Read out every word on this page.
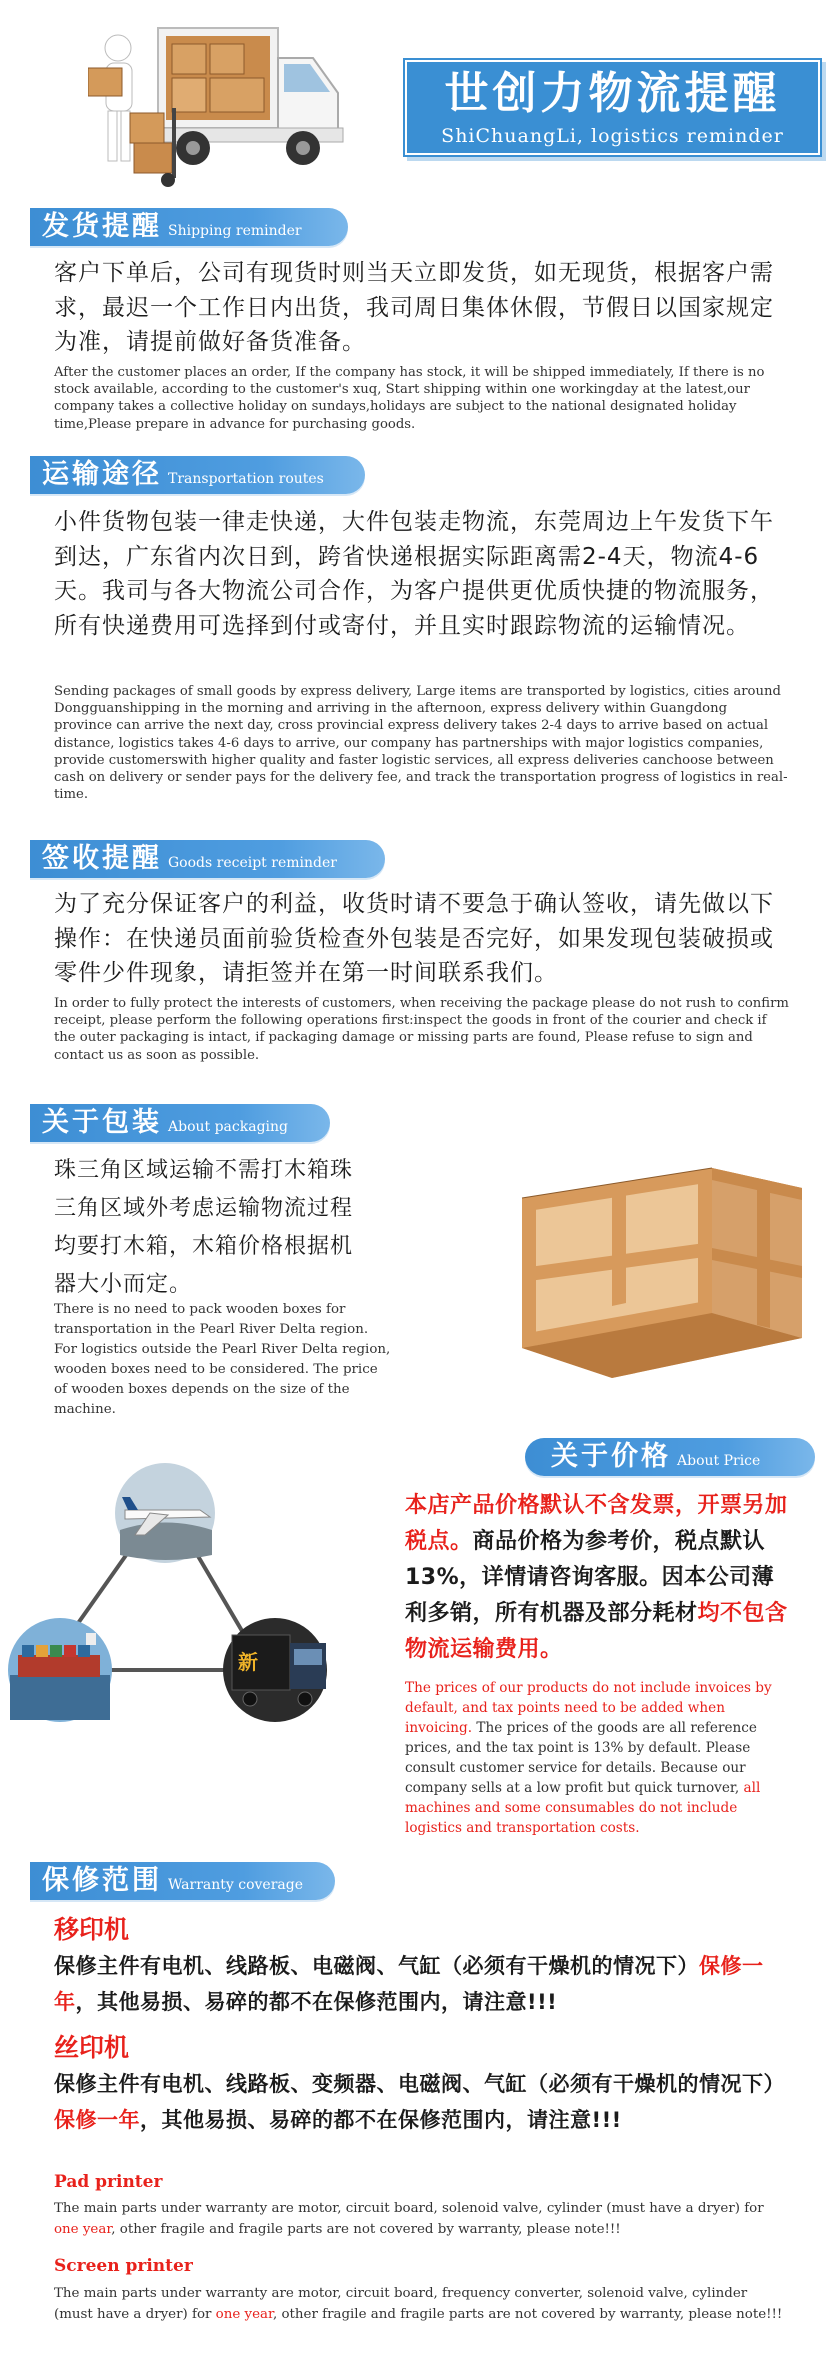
世创力物流提醒
ShiChuangLi, logistics reminder
发货提醒 Shipping reminder
客户下单后，公司有现货时则当天立即发货，如无现货，根据客户需求，最迟一个工作日内出货，我司周日集体休假，节假日以国家规定为准，请提前做好备货准备。
After the customer places an order, If the company has stock, it will be shipped immediately, If there is no stock available, according to the customer's xuq, Start shipping within one workingday at the latest,our company takes a collective holiday on sundays,holidays are subject to the national designated holiday time,Please prepare in advance for purchasing goods.
运输途径 Transportation routes
小件货物包装一律走快递，大件包装走物流，东莞周边上午发货下午到达，广东省内次日到，跨省快递根据实际距离需2-4天，物流4-6天。我司与各大物流公司合作，为客户提供更优质快捷的物流服务，所有快递费用可选择到付或寄付，并且实时跟踪物流的运输情况。
Sending packages of small goods by express delivery, Large items are transported by logistics, cities around Dongguanshipping in the morning and arriving in the afternoon, express delivery within Guangdong province can arrive the next day, cross provincial express delivery takes 2-4 days to arrive based on actual distance, logistics takes 4-6 days to arrive, our company has partnerships with major logistics companies, provide customerswith higher quality and faster logistic services, all express deliveries canchoose between cash on delivery or sender pays for the delivery fee, and track the transportation progress of logistics in real-time.
签收提醒 Goods receipt reminder
为了充分保证客户的利益，收货时请不要急于确认签收，请先做以下操作：在快递员面前验货检查外包装是否完好，如果发现包装破损或零件少件现象，请拒签并在第一时间联系我们。
In order to fully protect the interests of customers, when receiving the package please do not rush to confirm receipt, please perform the following operations first:inspect the goods in front of the courier and check if the outer packaging is intact, if packaging damage or missing parts are found, Please refuse to sign and contact us as soon as possible.
关于包装 About packaging
珠三角区域运输不需打木箱珠三角区域外考虑运输物流过程均要打木箱，木箱价格根据机器大小而定。
There is no need to pack wooden boxes for transportation in the Pearl River Delta region. For logistics outside the Pearl River Delta region, wooden boxes need to be considered. The price of wooden boxes depends on the size of the machine.
关于价格 About Price
新
本店产品价格默认不含发票，开票另加税点。商品价格为参考价，税点默认13%，详情请咨询客服。因本公司薄利多销，所有机器及部分耗材均不包含物流运输费用。
The prices of our products do not include invoices by default, and tax points need to be added when invoicing. The prices of the goods are all reference prices, and the tax point is 13% by default. Please consult customer service for details. Because our company sells at a low profit but quick turnover, all machines and some consumables do not include logistics and transportation costs.
保修范围 Warranty coverage
移印机
保修主件有电机、线路板、电磁阀、气缸（必须有干燥机的情况下）保修一年，其他易损、易碎的都不在保修范围内，请注意!!!
丝印机
保修主件有电机、线路板、变频器、电磁阀、气缸（必须有干燥机的情况下）保修一年，其他易损、易碎的都不在保修范围内，请注意!!!
Pad printer
The main parts under warranty are motor, circuit board, solenoid valve, cylinder (must have a dryer) for one year, other fragile and fragile parts are not covered by warranty, please note!!!
Screen printer
The main parts under warranty are motor, circuit board, frequency converter, solenoid valve, cylinder (must have a dryer) for one year, other fragile and fragile parts are not covered by warranty, please note!!!
